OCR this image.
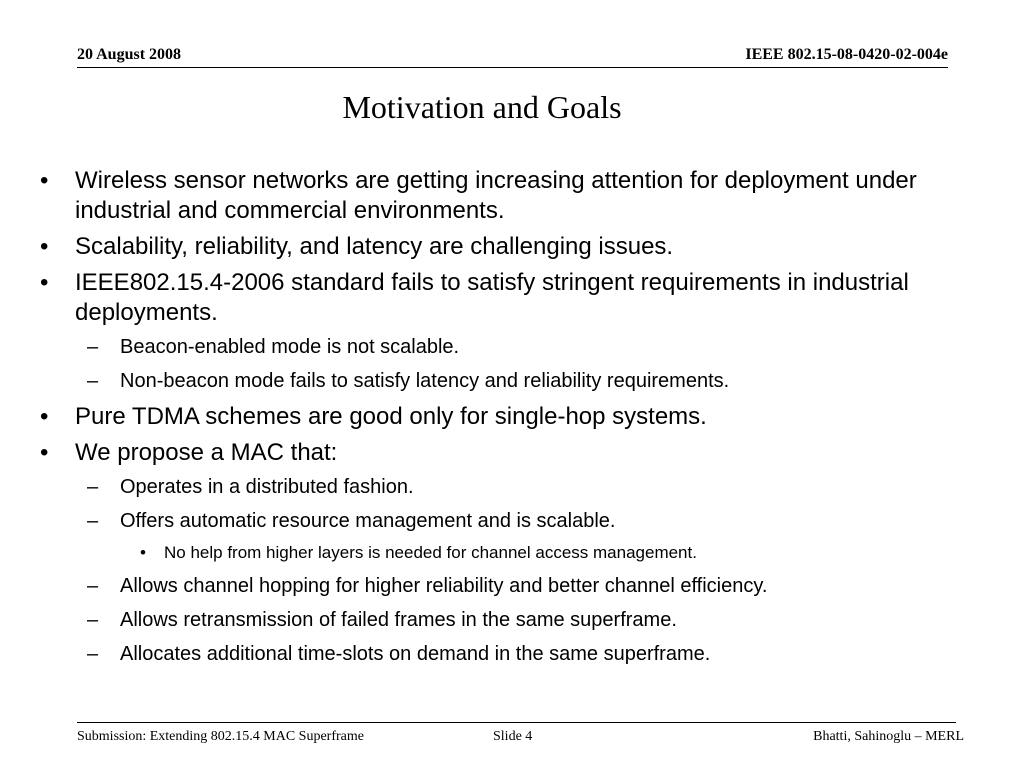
20 August 2008	IEEE 802.15-08-0420-02-004e
Motivation and Goals
• Wireless sensor networks are getting increasing attention for deployment under industrial and commercial environments.
• Scalability, reliability, and latency are challenging issues.
• IEEE802.15.4-2006 standard fails to satisfy stringent requirements in industrial deployments.
– Beacon-enabled mode is not scalable.
– Non-beacon mode fails to satisfy latency and reliability requirements.
• Pure TDMA schemes are good only for single-hop systems.
• We propose a MAC that:
– Operates in a distributed fashion.
– Offers automatic resource management and is scalable.
• No help from higher layers is needed for channel access management.
– Allows channel hopping for higher reliability and better channel efficiency.
– Allows retransmission of failed frames in the same superframe.
– Allocates additional time-slots on demand in the same superframe.
Submission: Extending 802.15.4 MAC Superframe	Slide 4	Bhatti, Sahinoglu – MERL
